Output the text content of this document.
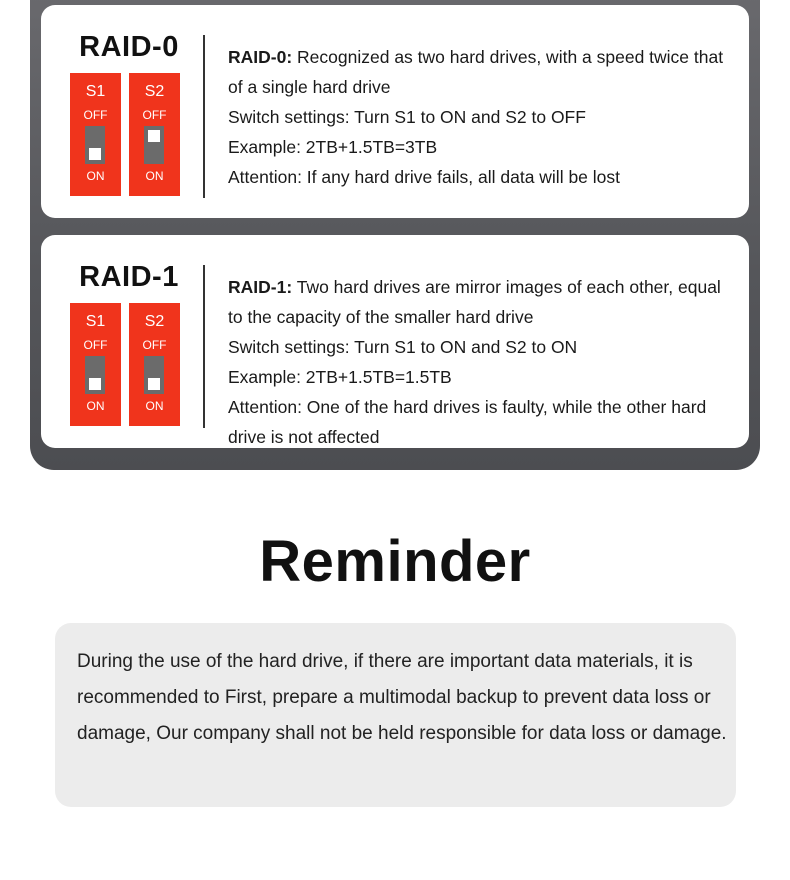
RAID-0
S1
OFF
ON
S2
OFF
ON

RAID-0: Recognized as two hard drives, with a speed twice that of a single hard drive

Switch settings: Turn S1 to ON and S2 to OFF

Example: 2TB+1.5TB=3TB

Attention: If any hard drive fails, all data will be lost

RAID-1
S1
OFF
ON
S2
OFF
ON

RAID-1: Two hard drives are mirror images of each other, equal to the capacity of the smaller hard drive

Switch settings: Turn S1 to ON and S2 to ON

Example: 2TB+1.5TB=1.5TB

Attention: One of the hard drives is faulty, while the other hard drive is not affected

Reminder
During the use of the hard drive, if there are important data materials, it is recommended to First, prepare a multimodal backup to prevent data loss or damage, Our company shall not be held responsible for data loss or damage.
